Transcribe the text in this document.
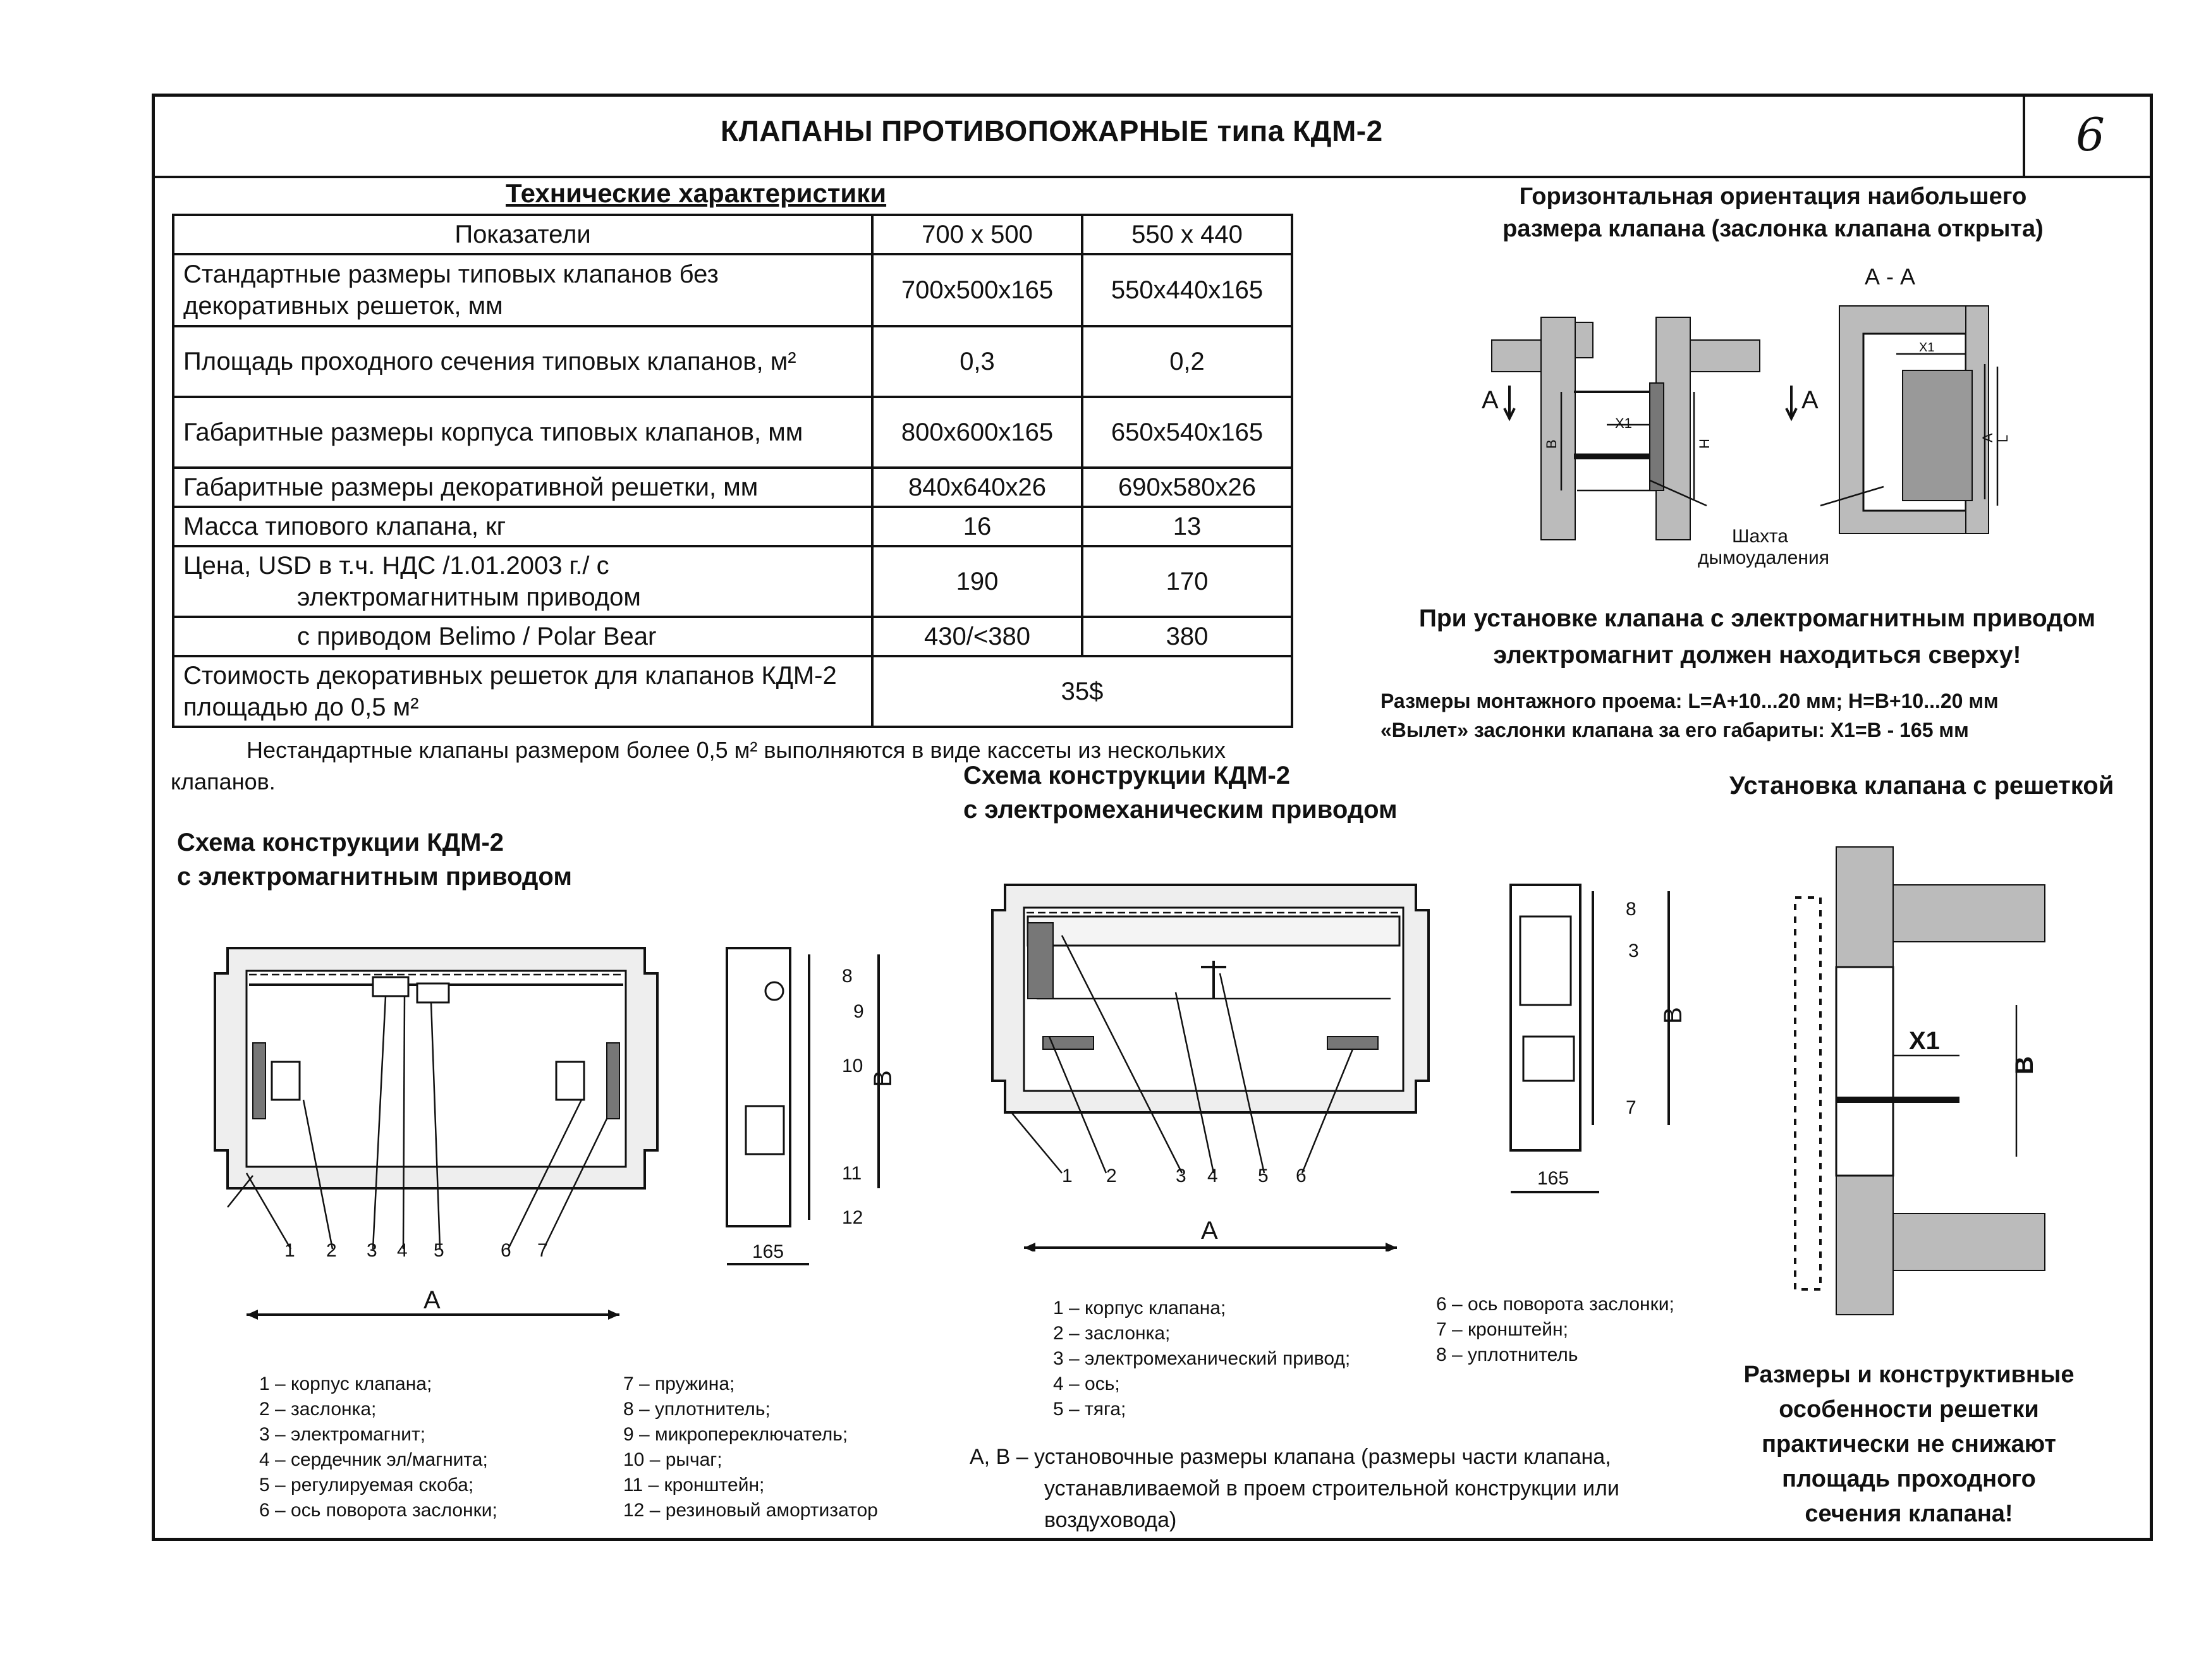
КЛАПАНЫ ПРОТИВОПОЖАРНЫЕ типа КДМ-2	6
Технические характеристики
Показатели	700 х 500	550 х 440
Стандартные размеры типовых клапанов без декоративных решеток, мм	700х500х165	550х440х165
Площадь проходного сечения типовых клапанов, м²	0,3	0,2
Габаритные размеры корпуса типовых клапанов, мм	800х600х165	650х540х165
Габаритные размеры декоративной решетки, мм	840х640х26	690х580х26
Масса типового клапана, кг	16	13

Цена, USD в т.ч. НДС /1.01.2003 г./ с
электромагнитным приводом	190	170
с приводом Belimo / Polar Bear	430/<380	380
Стоимость декоративных решеток для клапанов КДМ-2 площадью до 0,5 м²	35$	
Нестандартные клапаны размером более 0,5 м² выполняются в виде кассеты из нескольких клапанов.
Горизонтальная ориентация наибольшего
размера клапана (заслонка клапана открыта)
Х1
В	Н
А
А - А
Х1
А L
А
Шахта
дымоудаления
При установке клапана с электромагнитным приводом
электромагнит должен находиться сверху!
Размеры монтажного проема: L=A+10...20 мм; H=B+10...20 мм
«Вылет» заслонки клапана за его габариты: Х1=В - 165 мм
Схема конструкции КДМ-2
с электромагнитным приводом
1 2 3 4 5	6 7
А
В
165
8
9
10
11
12
1 – корпус клапана;
2 – заслонка;
3 – электромагнит;
4 – сердечник эл/магнита;
5 – регулируемая скоба;
6 – ось поворота заслонки;
7 – пружина;
8 – уплотнитель;
9 – микропереключатель;
10 – рычаг;
11 – кронштейн;
12 – резиновый амортизатор
Схема конструкции КДМ-2
с электромеханическим приводом
1 2	3 4 5 6
А
В
165
8
3
7
1 – корпус клапана;
2 – заслонка;
3 – электромеханический привод;
4 – ось;
5 – тяга;
6 – ось поворота заслонки;
7 – кронштейн;
8 – уплотнитель
А, В – установочные размеры клапана (размеры части клапана,
устанавливаемой в проем строительной конструкции или
воздуховода)
Установка клапана с решеткой
Х1
В
Размеры и конструктивные
особенности решетки
практически не снижают
площадь проходного
сечения клапана!
